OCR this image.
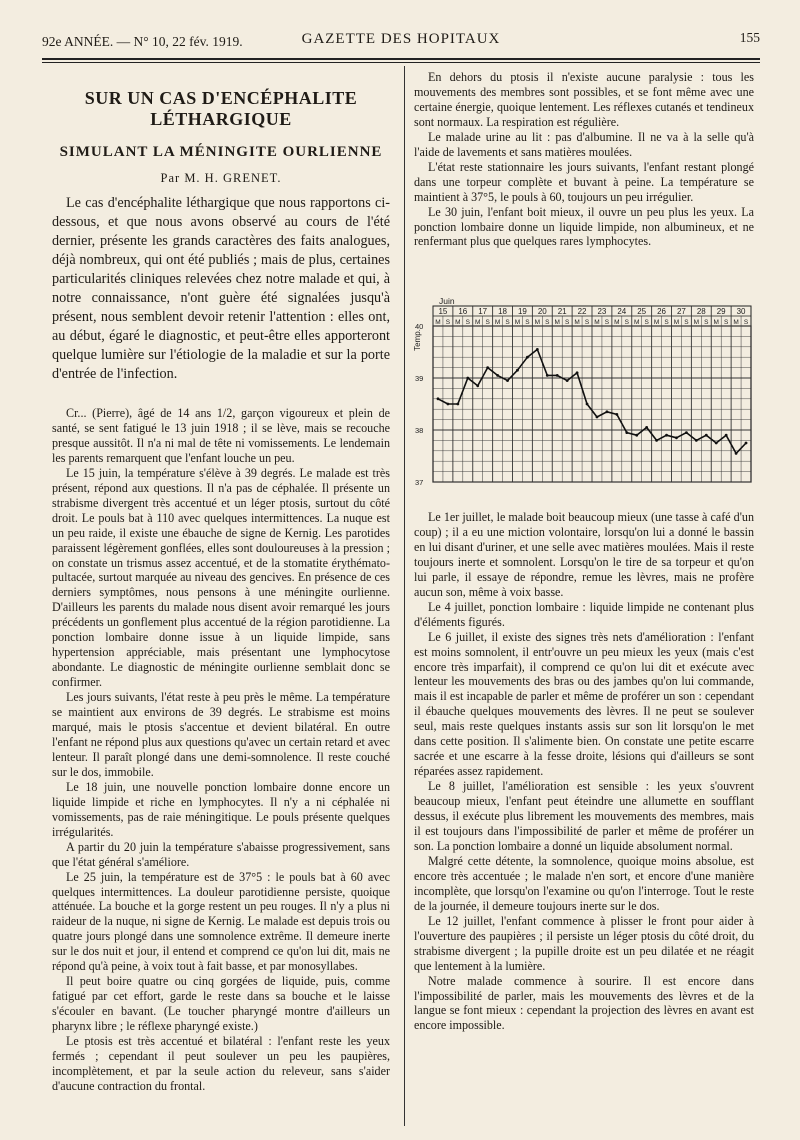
92e ANNÉE. — N° 10, 22 fév. 1919.	GAZETTE DES HOPITAUX	155
SUR UN CAS D'ENCÉPHALITE LÉTHARGIQUE
SIMULANT LA MÉNINGITE OURLIENNE
Par M. H. GRENET.

Le cas d'encéphalite léthargique que nous rapportons ci-dessous, et que nous avons observé au cours de l'été dernier, présente les grands caractères des faits analogues, déjà nombreux, qui ont été publiés ; mais de plus, certaines particularités cliniques relevées chez notre malade et qui, à notre connaissance, n'ont guère été signalées jusqu'à présent, nous semblent devoir retenir l'attention : elles ont, au début, égaré le diagnostic, et peut-être elles apporteront quelque lumière sur l'étiologie de la maladie et sur la porte d'entrée de l'infection.

Cr... (Pierre), âgé de 14 ans 1/2, garçon vigoureux et plein de santé, se sent fatigué le 13 juin 1918 ; il se lève, mais se recouche presque aussitôt. Il n'a ni mal de tête ni vomissements. Le lendemain les parents remarquent que l'enfant louche un peu.

Le 15 juin, la température s'élève à 39 degrés. Le malade est très présent, répond aux questions. Il n'a pas de céphalée. Il présente un strabisme divergent très accentué et un léger ptosis, surtout du côté droit. Le pouls bat à 110 avec quelques intermittences. La nuque est un peu raide, il existe une ébauche de signe de Kernig. Les parotides paraissent légèrement gonflées, elles sont douloureuses à la pression ; on constate un trismus assez accentué, et de la stomatite érythémato-pultacée, surtout marquée au niveau des gencives. En présence de ces derniers symptômes, nous pensons à une méningite ourlienne. D'ailleurs les parents du malade nous disent avoir remarqué les jours précédents un gonflement plus accentué de la région parotidienne. La ponction lombaire donne issue à un liquide limpide, sans hypertension appréciable, mais présentant une lymphocytose abondante. Le diagnostic de méningite ourlienne semblait donc se confirmer.

Les jours suivants, l'état reste à peu près le même. La température se maintient aux environs de 39 degrés. Le strabisme est moins marqué, mais le ptosis s'accentue et devient bilatéral. En outre l'enfant ne répond plus aux questions qu'avec un certain retard et avec lenteur. Il paraît plongé dans une demi-somnolence. Il reste couché sur le dos, immobile.

Le 18 juin, une nouvelle ponction lombaire donne encore un liquide limpide et riche en lymphocytes. Il n'y a ni céphalée ni vomissements, pas de raie méningitique. Le pouls présente quelques irrégularités.

A partir du 20 juin la température s'abaisse progressivement, sans que l'état général s'améliore.

Le 25 juin, la température est de 37°5 : le pouls bat à 60 avec quelques intermittences. La douleur parotidienne persiste, quoique atténuée. La bouche et la gorge restent un peu rouges. Il n'y a plus ni raideur de la nuque, ni signe de Kernig. Le malade est depuis trois ou quatre jours plongé dans une somnolence extrême. Il demeure inerte sur le dos nuit et jour, il entend et comprend ce qu'on lui dit, mais ne répond qu'à peine, à voix tout à fait basse, et par monosyllabes.

Il peut boire quatre ou cinq gorgées de liquide, puis, comme fatigué par cet effort, garde le reste dans sa bouche et le laisse s'écouler en bavant. (Le toucher pharyngé montre d'ailleurs un pharynx libre ; le réflexe pharyngé existe.)

Le ptosis est très accentué et bilatéral : l'enfant reste les yeux fermés ; cependant il peut soulever un peu les paupières, incomplètement, et par la seule action du releveur, sans s'aider d'aucune contraction du frontal.

En dehors du ptosis il n'existe aucune paralysie : tous les mouvements des membres sont possibles, et se font même avec une certaine énergie, quoique lentement. Les réflexes cutanés et tendineux sont normaux. La respiration est régulière.

Le malade urine au lit : pas d'albumine. Il ne va à la selle qu'à l'aide de lavements et sans matières moulées.

L'état reste stationnaire les jours suivants, l'enfant restant plongé dans une torpeur complète et buvant à peine. La température se maintient à 37°5, le pouls à 60, toujours un peu irrégulier.

Le 30 juin, l'enfant boit mieux, il ouvre un peu plus les yeux. La ponction lombaire donne un liquide limpide, non albumineux, et ne renfermant plus que quelques rares lymphocytes.

15 16 17 18 19 20 21 22 23 24 25 26 27 28 29 30
M S M S M S M S M S M S M S M S M S M S M S M S M S M S M S M S
Juin
Temp.
40
39
38
37

Le 1er juillet, le malade boit beaucoup mieux (une tasse à café d'un coup) ; il a eu une miction volontaire, lorsqu'on lui a donné le bassin en lui disant d'uriner, et une selle avec matières moulées. Mais il reste toujours inerte et somnolent. Lorsqu'on le tire de sa torpeur et qu'on lui parle, il essaye de répondre, remue les lèvres, mais ne profère aucun son, même à voix basse.

Le 4 juillet, ponction lombaire : liquide limpide ne contenant plus d'éléments figurés.

Le 6 juillet, il existe des signes très nets d'amélioration : l'enfant est moins somnolent, il entr'ouvre un peu mieux les yeux (mais c'est encore très imparfait), il comprend ce qu'on lui dit et exécute avec lenteur les mouvements des bras ou des jambes qu'on lui commande, mais il est incapable de parler et même de proférer un son : cependant il ébauche quelques mouvements des lèvres. Il ne peut se soulever seul, mais reste quelques instants assis sur son lit lorsqu'on le met dans cette position. Il s'alimente bien. On constate une petite escarre sacrée et une escarre à la fesse droite, lésions qui d'ailleurs se sont réparées assez rapidement.

Le 8 juillet, l'amélioration est sensible : les yeux s'ouvrent beaucoup mieux, l'enfant peut éteindre une allumette en soufflant dessus, il exécute plus librement les mouvements des membres, mais il est toujours dans l'impossibilité de parler et même de proférer un son. La ponction lombaire a donné un liquide absolument normal.

Malgré cette détente, la somnolence, quoique moins absolue, est encore très accentuée ; le malade n'en sort, et encore d'une manière incomplète, que lorsqu'on l'examine ou qu'on l'interroge. Tout le reste de la journée, il demeure toujours inerte sur le dos.

Le 12 juillet, l'enfant commence à plisser le front pour aider à l'ouverture des paupières ; il persiste un léger ptosis du côté droit, du strabisme divergent ; la pupille droite est un peu dilatée et ne réagit que lentement à la lumière.

Notre malade commence à sourire. Il est encore dans l'impossibilité de parler, mais les mouvements des lèvres et de la langue se font mieux : cependant la projection des lèvres en avant est encore impossible.
